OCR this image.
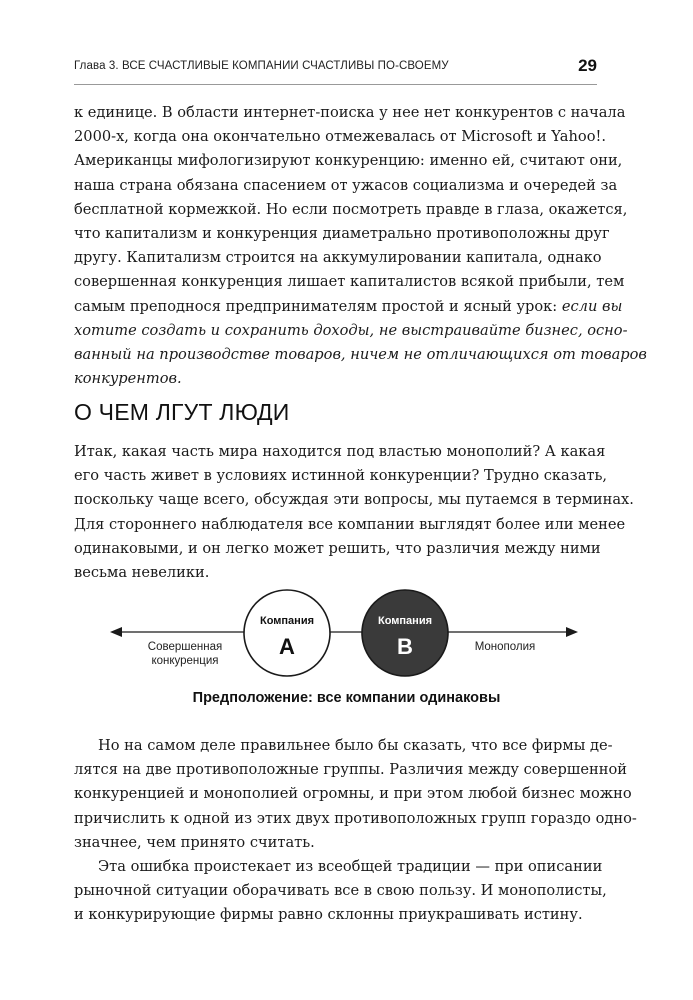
Глава 3. ВСЕ СЧАСТЛИВЫЕ КОМПАНИИ СЧАСТЛИВЫ ПО-СВОЕМУ	29

к единице. В области интернет-поиска у нее нет конкурентов с начала
2000-х, когда она окончательно отмежевалась от Microsoft и Yahoo!.
Американцы мифологизируют конкуренцию: именно ей, считают они,
наша страна обязана спасением от ужасов социализма и очередей за
бесплатной кормежкой. Но если посмотреть правде в глаза, окажется,
что капитализм и конкуренция диаметрально противоположны друг
другу. Капитализм строится на аккумулировании капитала, однако
совершенная конкуренция лишает капиталистов всякой прибыли, тем
самым преподнося предпринимателям простой и ясный урок: если вы
хотите создать и сохранить доходы, не выстраивайте бизнес, осно-
ванный на производстве товаров, ничем не отличающихся от товаров
конкурентов.

О ЧЕМ ЛГУТ ЛЮДИ

Итак, какая часть мира находится под властью монополий? А какая
его часть живет в условиях истинной конкуренции? Трудно сказать,
поскольку чаще всего, обсуждая эти вопросы, мы путаемся в терминах.
Для стороннего наблюдателя все компании выглядят более или менее
одинаковыми, и он легко может решить, что различия между ними
весьма невелики.

Совершенная
конкуренция
Монополия
Компания
A
Компания
B
Предположение: все компании одинаковы

Но на самом деле правильнее было бы сказать, что все фирмы де-
лятся на две противоположные группы. Различия между совершенной
конкуренцией и монополией огромны, и при этом любой бизнес можно
причислить к одной из этих двух противоположных групп гораздо одно-
значнее, чем принято считать.

Эта ошибка проистекает из всеобщей традиции — при описании
рыночной ситуации оборачивать все в свою пользу. И монополисты,
и конкурирующие фирмы равно склонны приукрашивать истину.
